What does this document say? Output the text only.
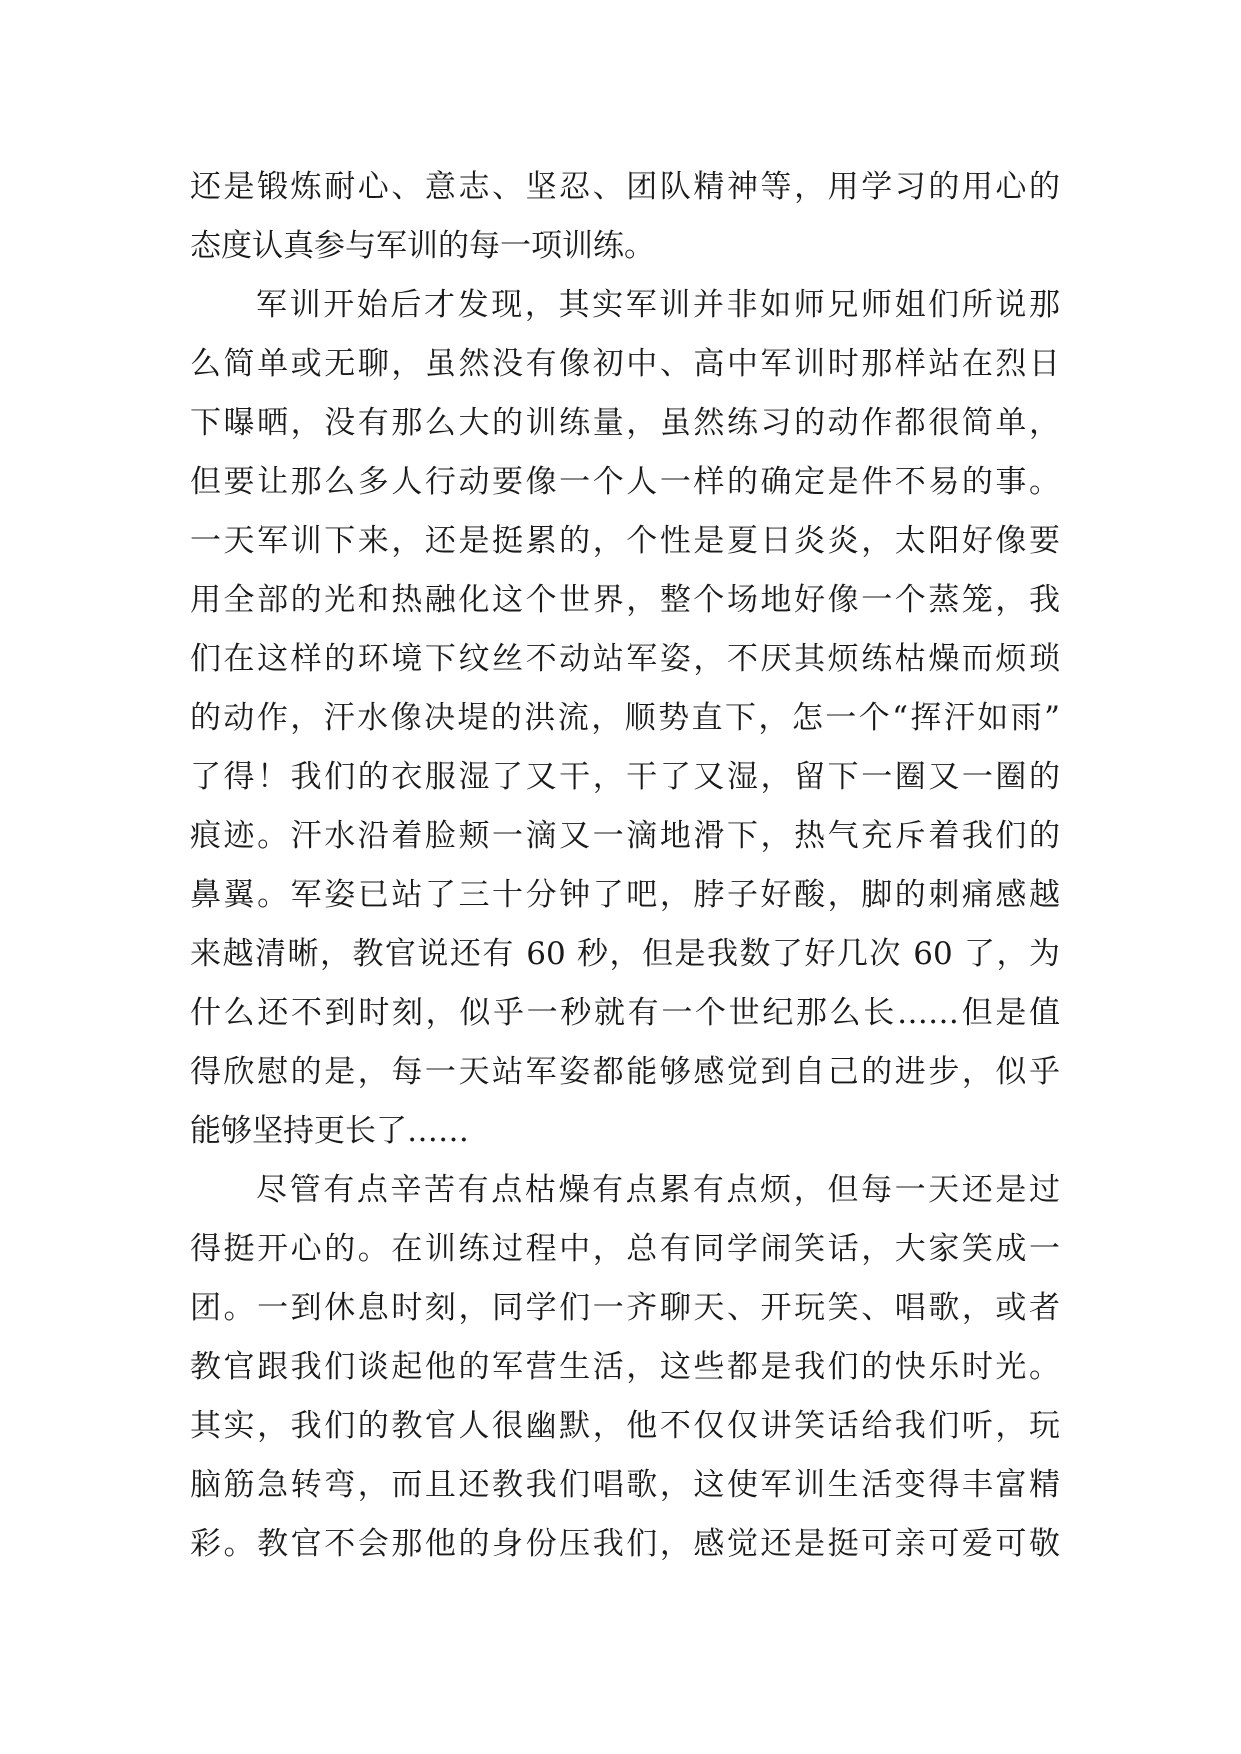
还是锻炼耐心、意志、坚忍、团队精神等，用学习的用心的
态度认真参与军训的每一项训练。
军训开始后才发现，其实军训并非如师兄师姐们所说那
么简单或无聊，虽然没有像初中、高中军训时那样站在烈日
下曝晒，没有那么大的训练量，虽然练习的动作都很简单，
但要让那么多人行动要像一个人一样的确定是件不易的事。
一天军训下来，还是挺累的，个性是夏日炎炎，太阳好像要
用全部的光和热融化这个世界，整个场地好像一个蒸笼，我
们在这样的环境下纹丝不动站军姿，不厌其烦练枯燥而烦琐
的动作，汗水像决堤的洪流，顺势直下，怎一个“挥汗如雨”
了得！我们的衣服湿了又干，干了又湿，留下一圈又一圈的
痕迹。汗水沿着脸颊一滴又一滴地滑下，热气充斥着我们的
鼻翼。军姿已站了三十分钟了吧，脖子好酸，脚的刺痛感越
来越清晰，教官说还有 60 秒，但是我数了好几次 60 了，为
什么还不到时刻，似乎一秒就有一个世纪那么长……但是值
得欣慰的是，每一天站军姿都能够感觉到自己的进步，似乎
能够坚持更长了……
尽管有点辛苦有点枯燥有点累有点烦，但每一天还是过
得挺开心的。在训练过程中，总有同学闹笑话，大家笑成一
团。一到休息时刻，同学们一齐聊天、开玩笑、唱歌，或者
教官跟我们谈起他的军营生活，这些都是我们的快乐时光。
其实，我们的教官人很幽默，他不仅仅讲笑话给我们听，玩
脑筋急转弯，而且还教我们唱歌，这使军训生活变得丰富精
彩。教官不会那他的身份压我们，感觉还是挺可亲可爱可敬
